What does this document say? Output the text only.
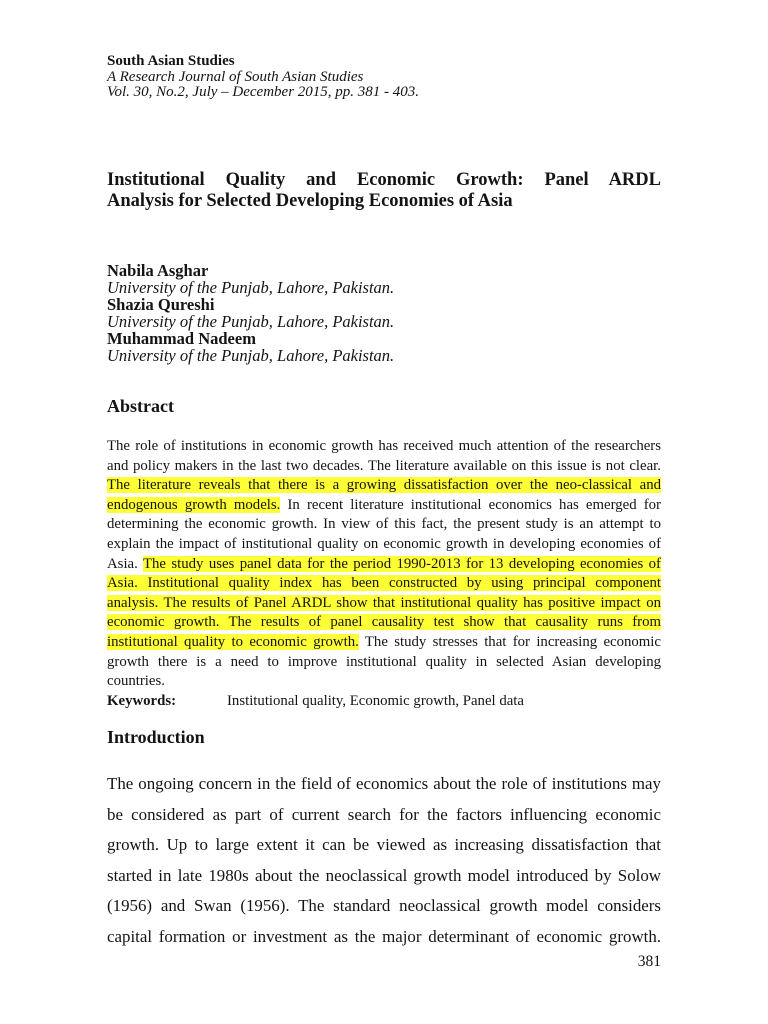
South Asian Studies
A Research Journal of South Asian Studies
Vol. 30, No.2, July – December 2015, pp. 381 - 403.
Institutional Quality and Economic Growth: Panel ARDL
Analysis for Selected Developing Economies of Asia
Nabila Asghar
University of the Punjab, Lahore, Pakistan.
Shazia Qureshi
University of the Punjab, Lahore, Pakistan.
Muhammad Nadeem
University of the Punjab, Lahore, Pakistan.
Abstract
The role of institutions in economic growth has received much attention of the researchers
and policy makers in the last two decades. The literature available on this issue is not clear.
The literature reveals that there is a growing dissatisfaction over the neo-classical and
endogenous growth models. In recent literature institutional economics has emerged for
determining the economic growth. In view of this fact, the present study is an attempt to
explain the impact of institutional quality on economic growth in developing economies of
Asia. The study uses panel data for the period 1990-2013 for 13 developing economies of
Asia. Institutional quality index has been constructed by using principal component
analysis. The results of Panel ARDL show that institutional quality has positive impact on
economic growth. The results of panel causality test show that causality runs from
institutional quality to economic growth. The study stresses that for increasing economic
growth there is a need to improve institutional quality in selected Asian developing
countries.
Keywords:	Institutional quality, Economic growth, Panel data
Introduction
The ongoing concern in the field of economics about the role of institutions may
be considered as part of current search for the factors influencing economic
growth. Up to large extent it can be viewed as increasing dissatisfaction that
started in late 1980s about the neoclassical growth model introduced by Solow
(1956) and Swan (1956). The standard neoclassical growth model considers
capital formation or investment as the major determinant of economic growth.
381
